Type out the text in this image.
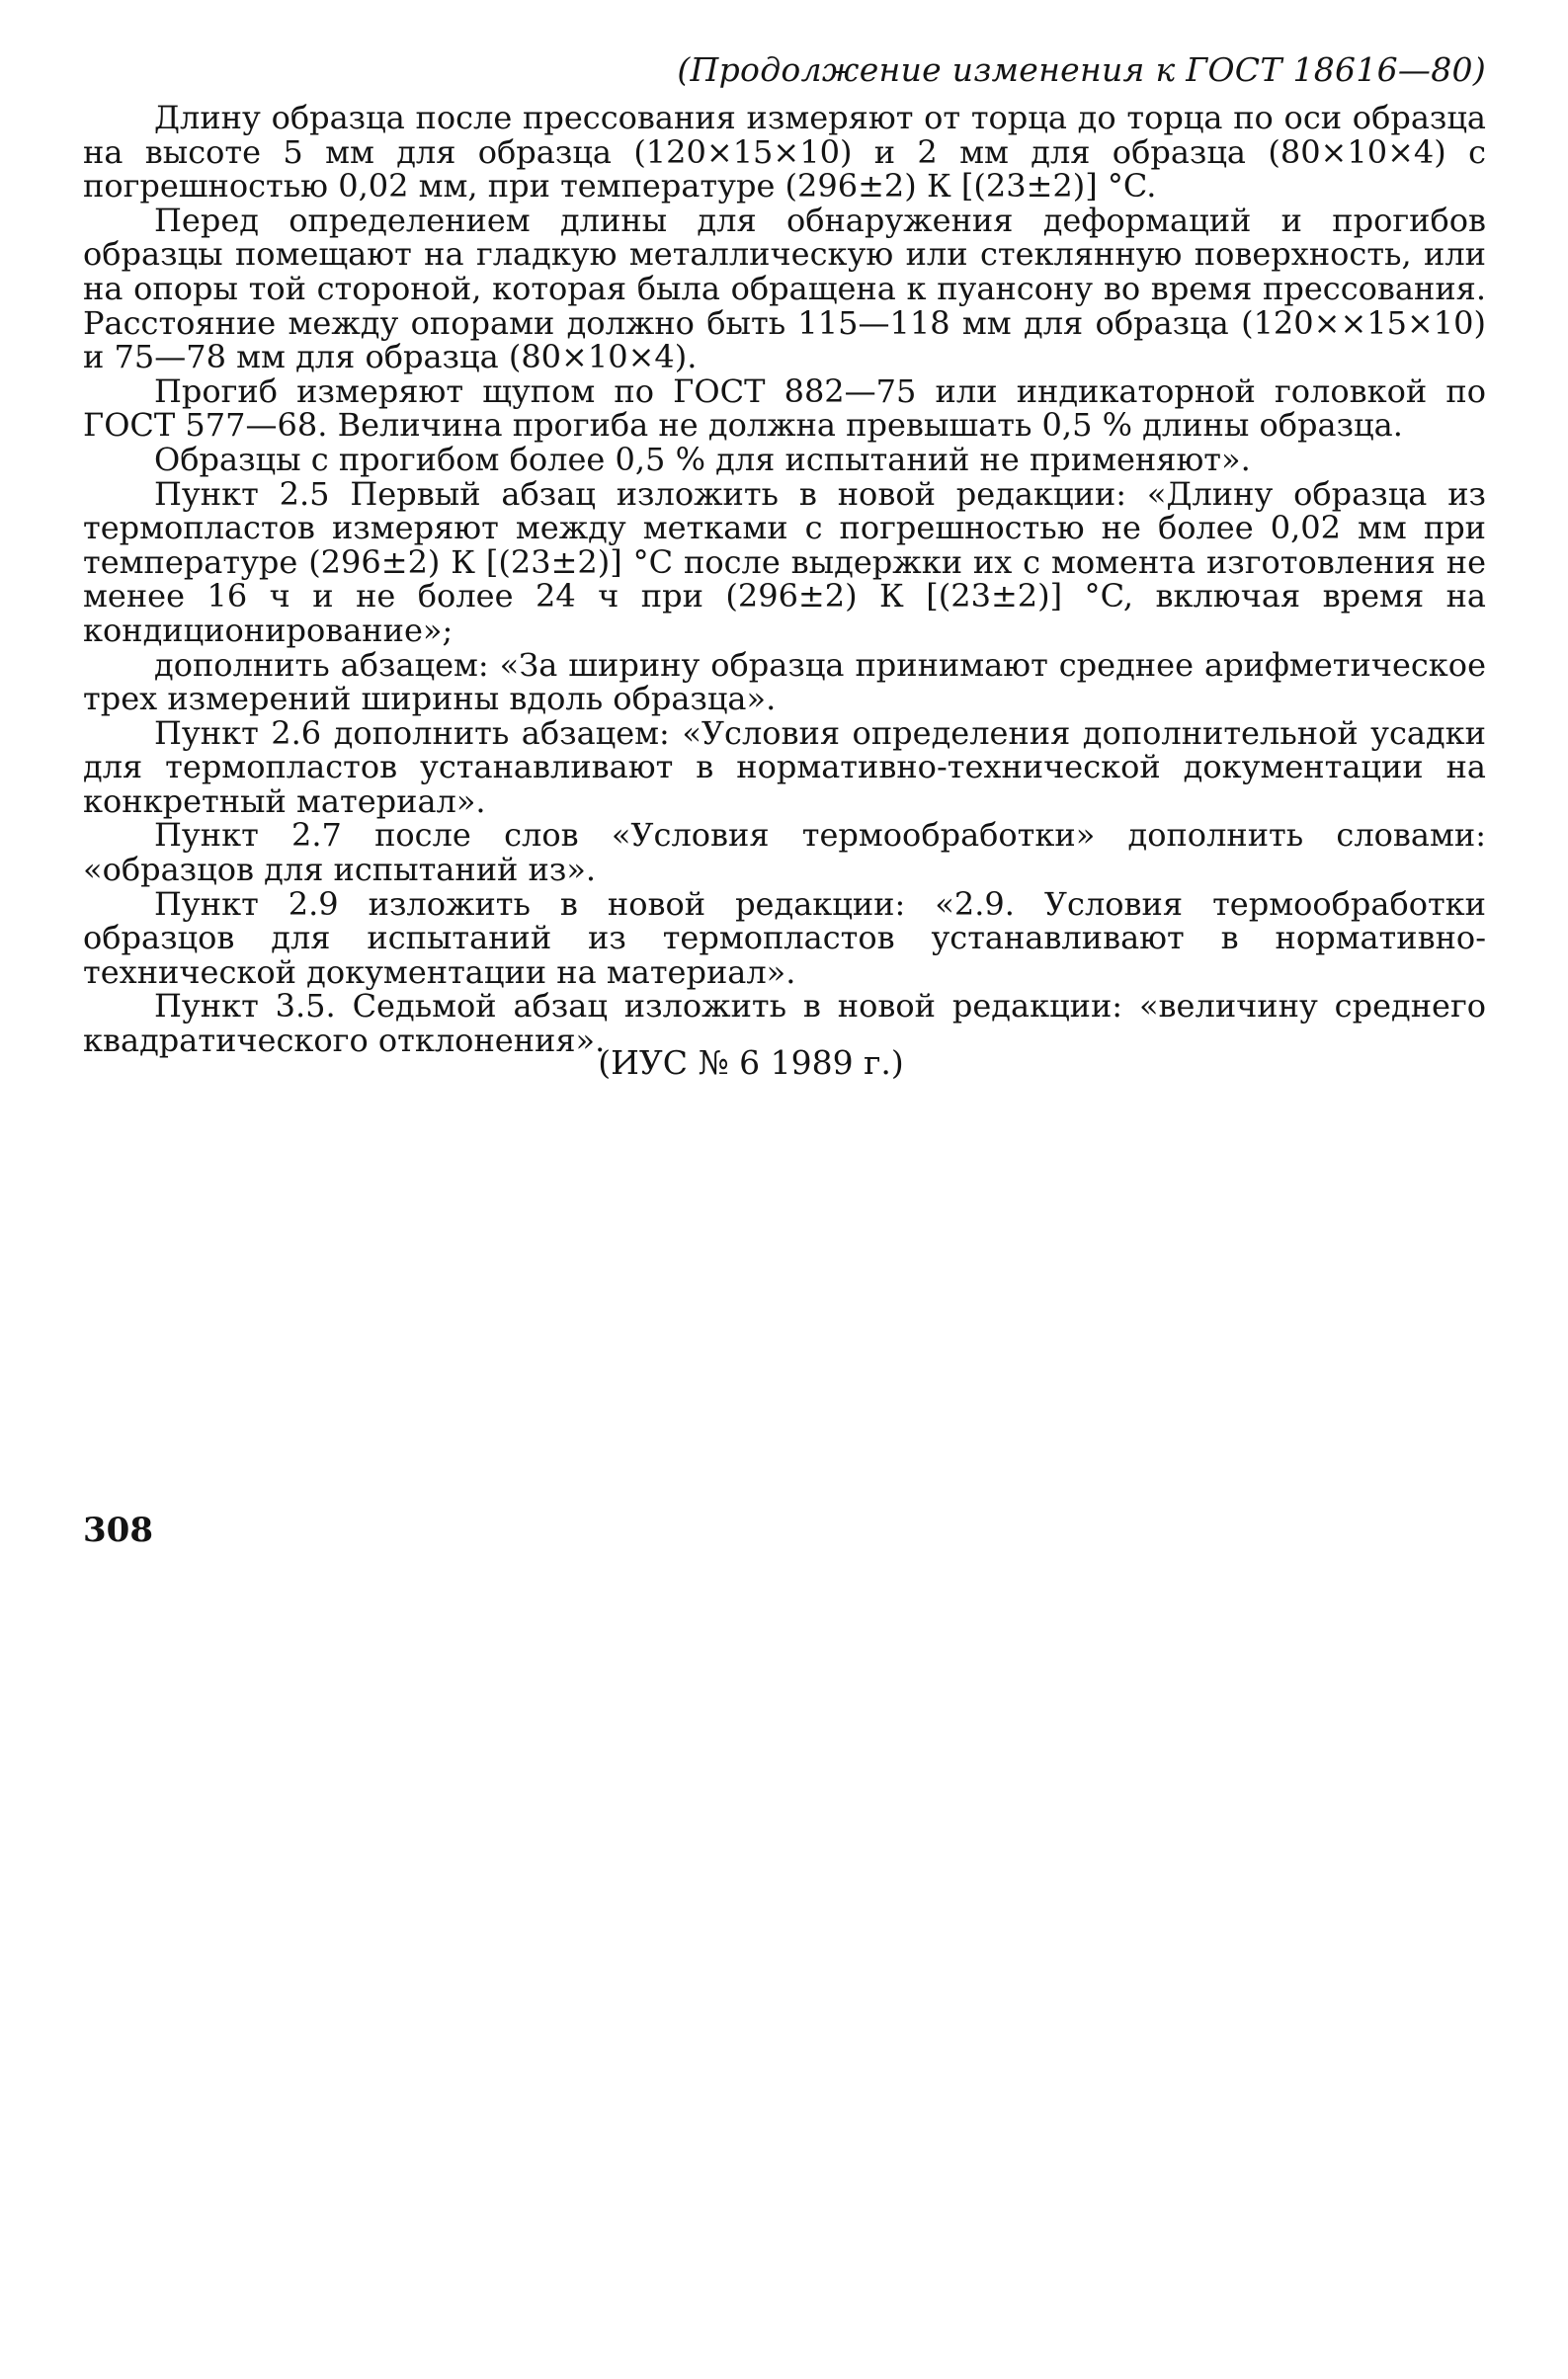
(Продолжение изменения к ГОСТ 18616—80)

Длину образца после прессования измеряют от торца до торца по оси образца на высоте 5 мм для образца (120×15×10) и 2 мм для образца (80×10×4) с погрешностью 0,02 мм, при температуре (296±2) К [(23±2)] °C.

Перед определением длины для обнаружения деформаций и прогибов образцы помещают на гладкую металлическую или стеклянную поверхность, или на опоры той стороной, которая была обращена к пуансону во время прессования. Расстояние между опорами должно быть 115—118 мм для образца (120××15×10) и 75—78 мм для образца (80×10×4).

Прогиб измеряют щупом по ГОСТ 882—75 или индикаторной головкой по ГОСТ 577—68. Величина прогиба не должна превышать 0,5 % длины образца.

Образцы с прогибом более 0,5 % для испытаний не применяют».

Пункт 2.5 Первый абзац изложить в новой редакции: «Длину образца из термопластов измеряют между метками с погрешностью не более 0,02 мм при температуре (296±2) К [(23±2)] °C после выдержки их с момента изготовления не менее 16 ч и не более 24 ч при (296±2) К [(23±2)] °C, включая время на кондиционирование»;

дополнить абзацем: «За ширину образца принимают среднее арифметическое трех измерений ширины вдоль образца».

Пункт 2.6 дополнить абзацем: «Условия определения дополнительной усадки для термопластов устанавливают в нормативно-технической документации на конкретный материал».

Пункт 2.7 после слов «Условия термообработки» дополнить словами: «образцов для испытаний из».

Пункт 2.9 изложить в новой редакции: «2.9. Условия термообработки образцов для испытаний из термопластов устанавливают в нормативно-технической документации на материал».

Пункт 3.5. Седьмой абзац изложить в новой редакции: «величину среднего квадратического отклонения».

(ИУС № 6 1989 г.)
308
